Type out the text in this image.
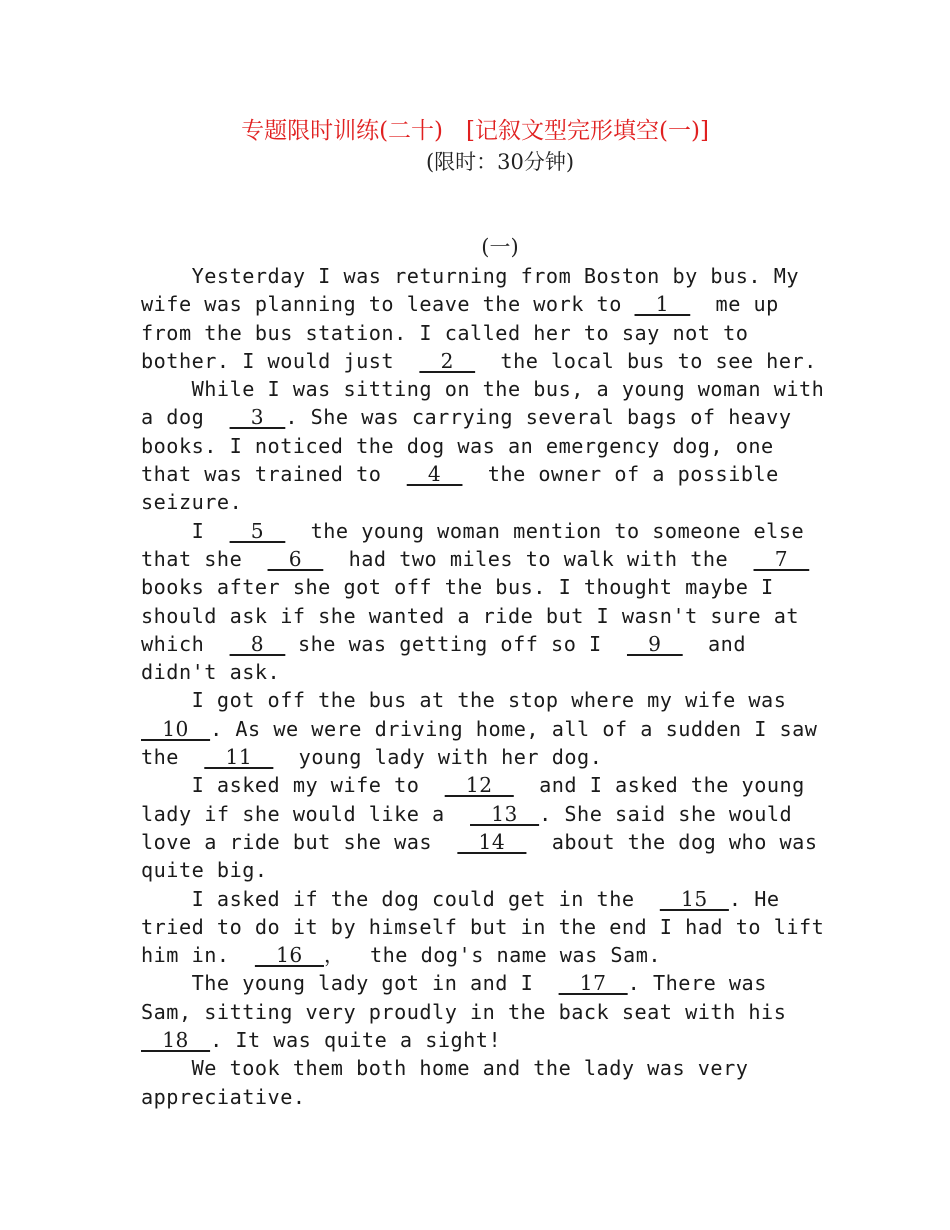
专题限时训练(二十)　[记叙文型完形填空(一)]
(限时：30分钟)
(一)
Yesterday I was returning from Boston by bus. My
wife was planning to leave the work to   1    me up
from the bus station. I called her to say not to
bother. I would just    2    the local bus to see her.
While I was sitting on the bus, a young woman with
a dog    3  . She was carrying several bags of heavy
books. I noticed the dog was an emergency dog, one
that was trained to    4    the owner of a possible
seizure.
I    5    the young woman mention to someone else
that she    6    had two miles to walk with the    7  
books after she got off the bus. I thought maybe I
should ask if she wanted a ride but I wasn't sure at
which    8   she was getting off so I    9    and
didn't ask.
I got off the bus at the stop where my wife was
  10  . As we were driving home, all of a sudden I saw
the    11    young lady with her dog.
I asked my wife to    12    and I asked the young
lady if she would like a    13  . She said she would
love a ride but she was    14    about the dog who was
quite big.
I asked if the dog could get in the    15  . He
tried to do it by himself but in the end I had to lift
him in.    16  ，  the dog's name was Sam.
The young lady got in and I    17  . There was
Sam, sitting very proudly in the back seat with his
  18  . It was quite a sight!
We took them both home and the lady was very
appreciative.
